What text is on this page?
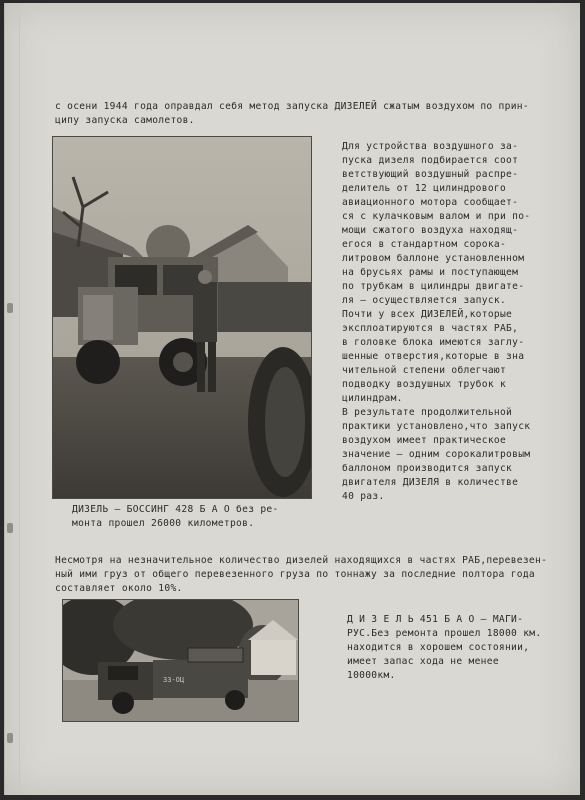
с осени 1944 года оправдал себя метод запуска ДИЗЕЛЕЙ сжатым воздухом по прин-
ципу запуска самолетов.
Для устройства воздушного за-
пуска дизеля подбирается соот
ветствующий воздушный распре-
делитель от 12 цилиндрового
авиационного мотора сообщает-
ся с кулачковым валом и при по-
мощи сжатого воздуха находящ-
егося в стандартном сорока-
литровом баллоне установленном
на брусьях рамы и поступающем
по трубкам в цилиндры двигате-
ля – осуществляется запуск.
Почти у всех ДИЗЕЛЕЙ,которые
эксплоатируются в частях РАБ,
в головке блока имеются заглу-
шенные отверстия,которые в зна
чительной степени облегчают
подводку воздушных трубок к
цилиндрам.
В результате продолжительной
практики установлено,что запуск
воздухом имеет практическое
значение – одним сорокалитровым
баллоном производится запуск
двигателя ДИЗЕЛЯ в количестве
40 раз.
ДИЗЕЛЬ – БОССИНГ 428 Б А О без ре-
монта прошел 26000 километров.
Несмотря на незначительное количество дизелей находящихся в частях РАБ,перевезен-
ный ими груз от общего перевезенного груза по тоннажу за последние полтора года
составляет около 10%.
33-ОЦ
Д И З Е Л Ь 451 Б А О – МАГИ-
РУС.Без ремонта прошел 18000 км.
находится в хорошем состоянии,
имеет запас хода не менее
10000км.
